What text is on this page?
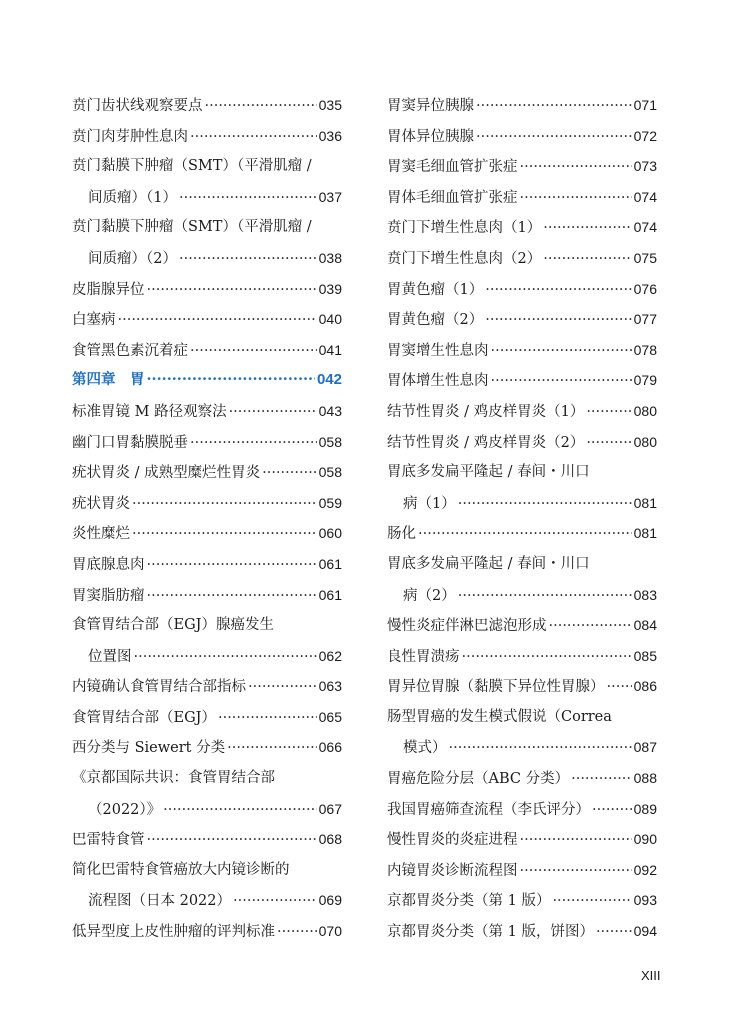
贲门齿状线观察要点 ·····	035
贲门肉芽肿性息肉 ·····	036
贲门黏膜下肿瘤（SMT）（平滑肌瘤 /
间质瘤）（1） ·····	037
贲门黏膜下肿瘤（SMT）（平滑肌瘤 /
间质瘤）（2） ·····	038
皮脂腺异位 ·····	039
白塞病 ·····	040
食管黑色素沉着症 ·····	041
第四章　胃 ·····	042
标准胃镜 M 路径观察法 ·····	043
幽门口胃黏膜脱垂 ·····	058
疣状胃炎 / 成熟型糜烂性胃炎 ·····	058
疣状胃炎 ·····	059
炎性糜烂 ·····	060
胃底腺息肉 ·····	061
胃窦脂肪瘤 ·····	061
食管胃结合部（EGJ）腺癌发生
位置图 ·····	062
内镜确认食管胃结合部指标 ·····	063
食管胃结合部（EGJ） ·····	065
西分类与 Siewert 分类 ·····	066
《京都国际共识：食管胃结合部
（2022）》 ·····	067
巴雷特食管 ·····	068
简化巴雷特食管癌放大内镜诊断的
流程图（日本 2022） ·····	069
低异型度上皮性肿瘤的评判标准 ·····	070
胃窦异位胰腺 ·····	071
胃体异位胰腺 ·····	072
胃窦毛细血管扩张症 ·····	073
胃体毛细血管扩张症 ·····	074
贲门下增生性息肉（1） ·····	074
贲门下增生性息肉（2） ·····	075
胃黄色瘤（1） ·····	076
胃黄色瘤（2） ·····	077
胃窦增生性息肉 ·····	078
胃体增生性息肉 ·····	079
结节性胃炎 / 鸡皮样胃炎（1） ·····	080
结节性胃炎 / 鸡皮样胃炎（2） ·····	080
胃底多发扁平隆起 / 春间・川口
病（1） ·····	081
肠化 ·····	081
胃底多发扁平隆起 / 春间・川口
病（2） ·····	083
慢性炎症伴淋巴滤泡形成 ·····	084
良性胃溃疡 ·····	085
胃异位胃腺（黏膜下异位性胃腺） ····· 086
肠型胃癌的发生模式假说（Correa
模式） ·····	087
胃癌危险分层（ABC 分类） ·····	088
我国胃癌筛查流程（李氏评分） ·····	089
慢性胃炎的炎症进程 ·····	090
内镜胃炎诊断流程图 ·····	092
京都胃炎分类（第 1 版） ·····	093
京都胃炎分类（第 1 版，饼图） ·····	094
XIII
